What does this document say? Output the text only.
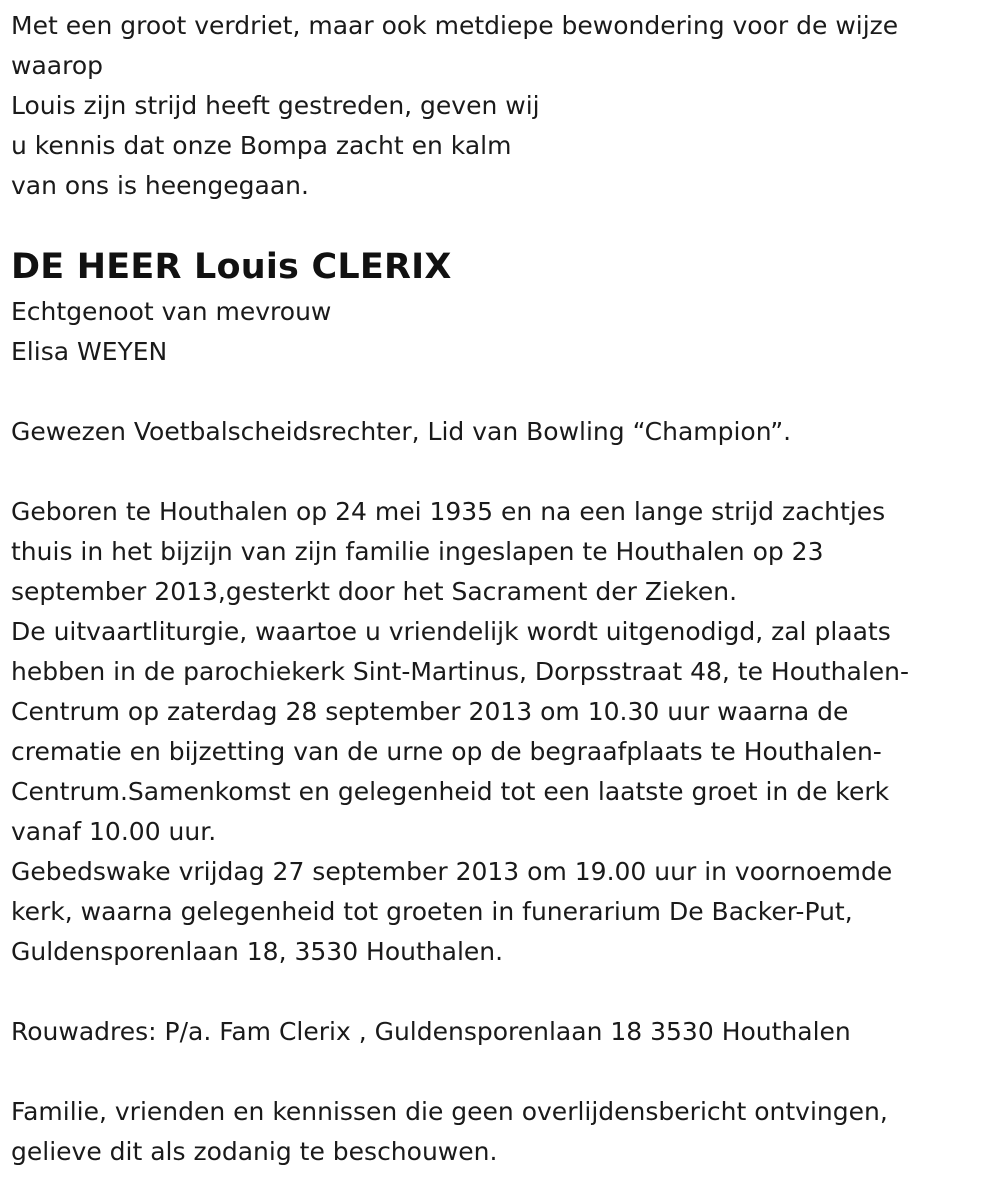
Met een groot verdriet, maar ook metdiepe bewondering voor de wijze
waarop
Louis zijn strijd heeft gestreden, geven wij
u kennis dat onze Bompa zacht en kalm
van ons is heengegaan.

DE HEER Louis CLERIX

Echtgenoot van mevrouw
Elisa WEYEN

Gewezen Voetbalscheidsrechter, Lid van Bowling “Champion”.

Geboren te Houthalen op 24 mei 1935 en na een lange strijd zachtjes
thuis in het bijzijn van zijn familie ingeslapen te Houthalen op 23
september 2013,gesterkt door het Sacrament der Zieken.
De uitvaartliturgie, waartoe u vriendelijk wordt uitgenodigd, zal plaats
hebben in de parochiekerk Sint-Martinus, Dorpsstraat 48, te Houthalen-
Centrum op zaterdag 28 september 2013 om 10.30 uur waarna de
crematie en bijzetting van de urne op de begraafplaats te Houthalen-
Centrum.Samenkomst en gelegenheid tot een laatste groet in de kerk
vanaf 10.00 uur.
Gebedswake vrijdag 27 september 2013 om 19.00 uur in voornoemde
kerk, waarna gelegenheid tot groeten in funerarium De Backer-Put,
Guldensporenlaan 18, 3530 Houthalen.

Rouwadres: P/a. Fam Clerix , Guldensporenlaan 18 3530 Houthalen

Familie, vrienden en kennissen die geen overlijdensbericht ontvingen,
gelieve dit als zodanig te beschouwen.
